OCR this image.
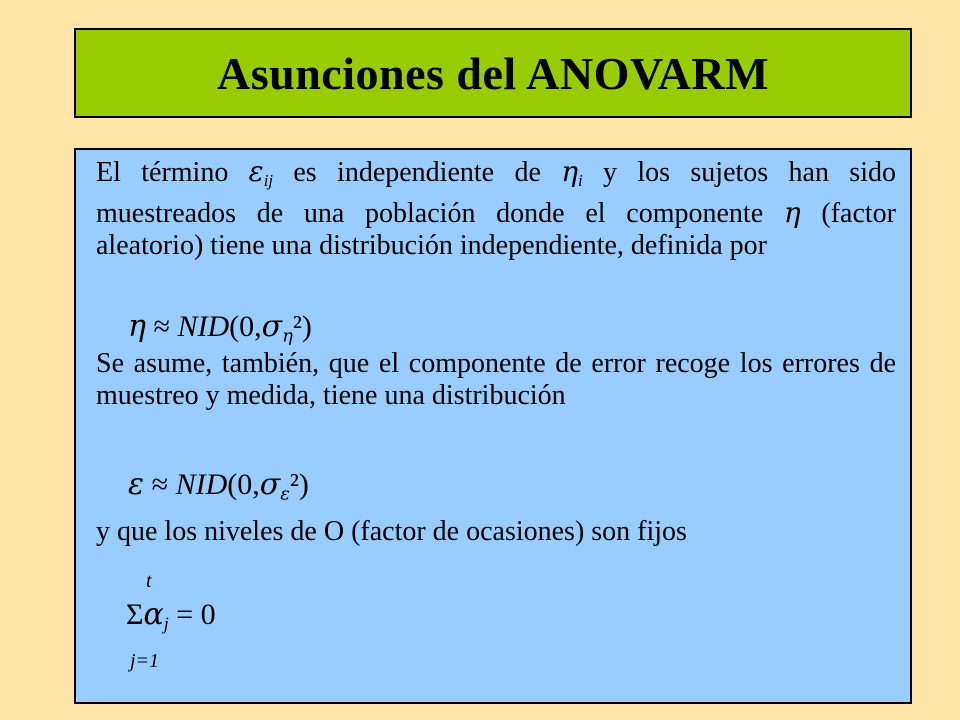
Asunciones del ANOVARM

El término $\varepsilon_{ij}$ es independiente de $\eta_i$ y los sujetos han sido muestreados de una población donde el componente η (factor aleatorio) tiene una distribución independiente, definida por

$\eta \approx NID(0,\sigma_\eta^2)$

Se asume, también, que el componente de error recoge los errores de muestreo y medida, tiene una distribución

$\varepsilon \approx NID(0,\sigma_\varepsilon^2)$

y que los niveles de O (factor de ocasiones) son fijos

t
$\Sigma\alpha_j = 0$
j=1
